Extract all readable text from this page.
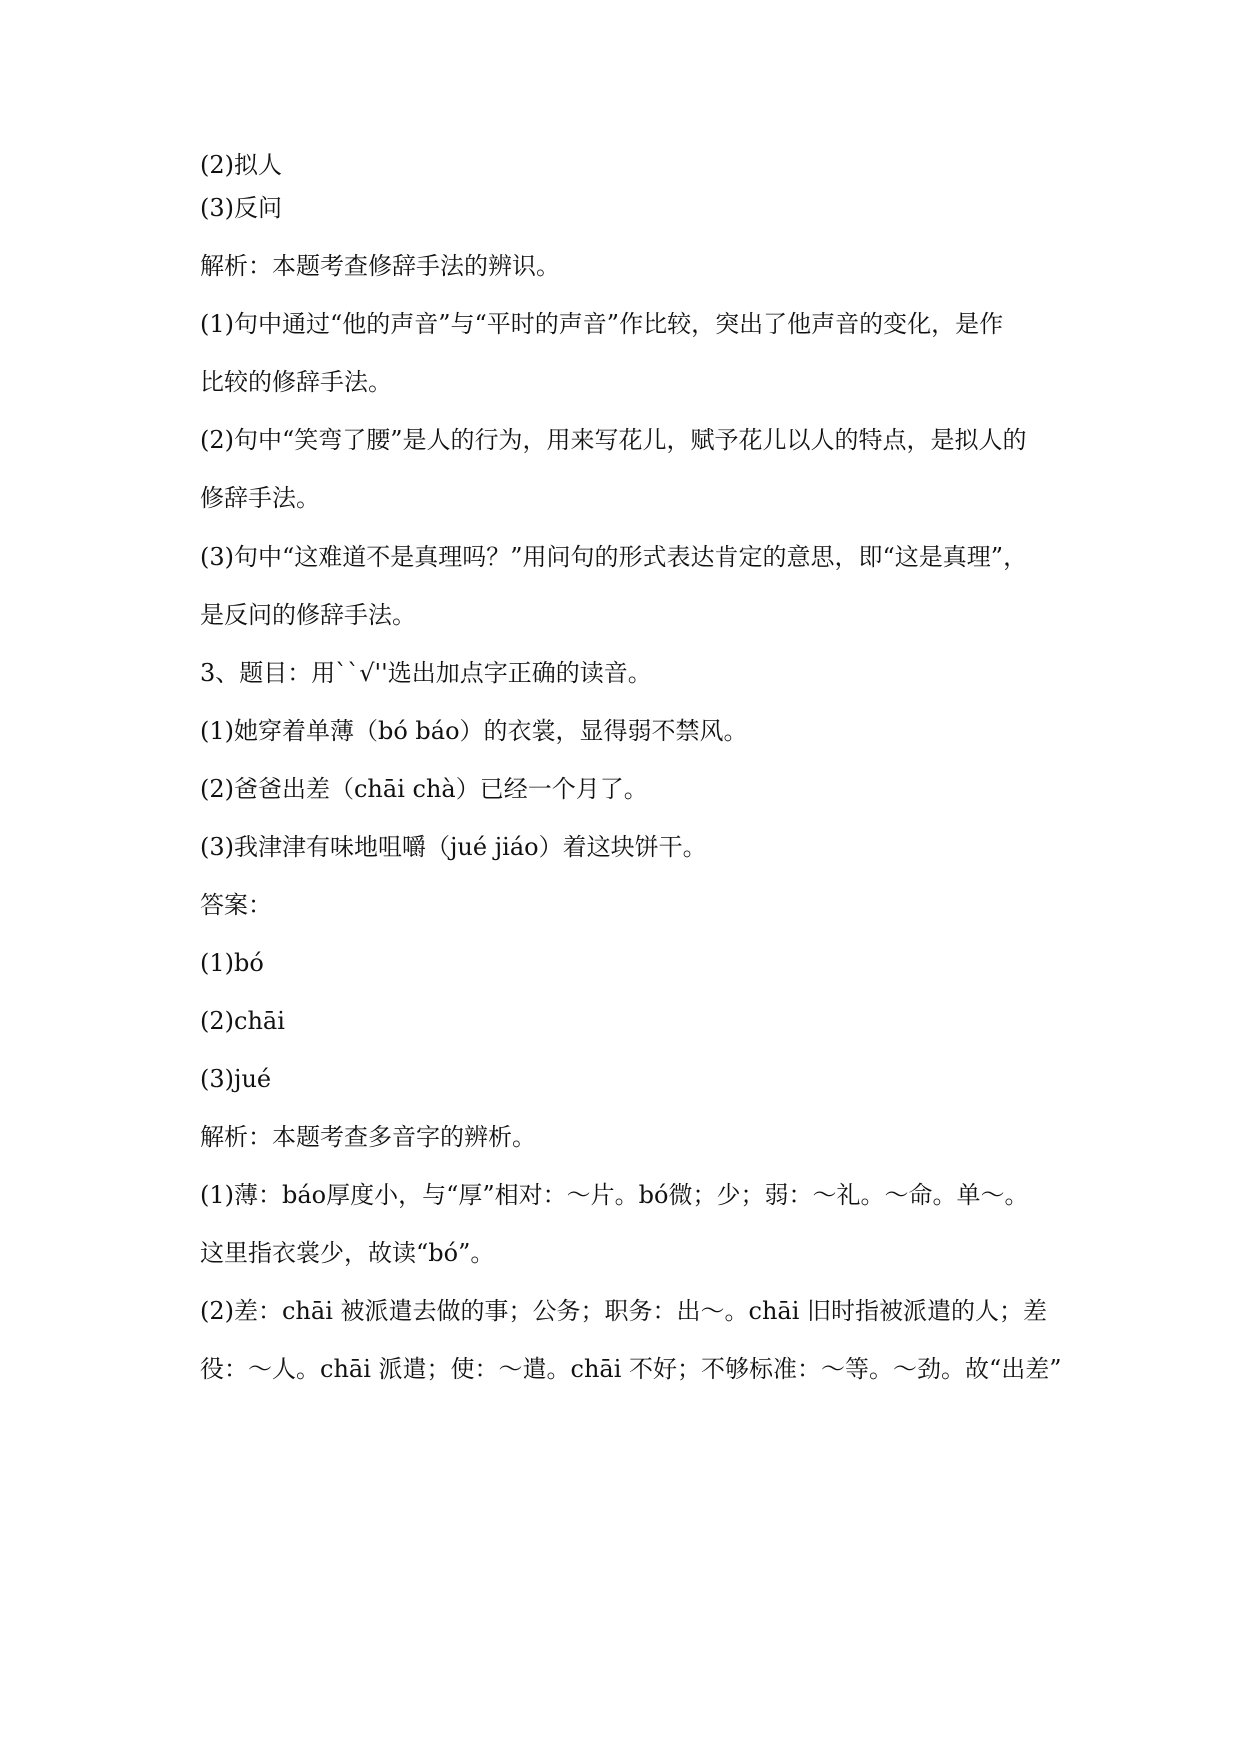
(2)拟人

(3)反问

解析：本题考查修辞手法的辨识。

(1)句中通过“他的声音”与“平时的声音”作比较，突出了他声音的变化，是作

比较的修辞手法。

(2)句中“笑弯了腰”是人的行为，用来写花儿，赋予花儿以人的特点，是拟人的

修辞手法。

(3)句中“这难道不是真理吗？”用问句的形式表达肯定的意思，即“这是真理”，

是反问的修辞手法。

3、题目：用``√''选出加点字正确的读音。

(1)她穿着单薄（bó báo）的衣裳，显得弱不禁风。

(2)爸爸出差（chāi chà）已经一个月了。

(3)我津津有味地咀嚼（jué jiáo）着这块饼干。

答案：

(1)bó

(2)chāi

(3)jué

解析：本题考查多音字的辨析。

(1)薄：báo厚度小，与“厚”相对：～片。bó微；少；弱：～礼。～命。单～。

这里指衣裳少，故读“bó”。

(2)差：chāi 被派遣去做的事；公务；职务：出～。chāi 旧时指被派遣的人；差

役：～人。chāi 派遣；使：～遣。chāi 不好；不够标准：～等。～劲。故“出差”
